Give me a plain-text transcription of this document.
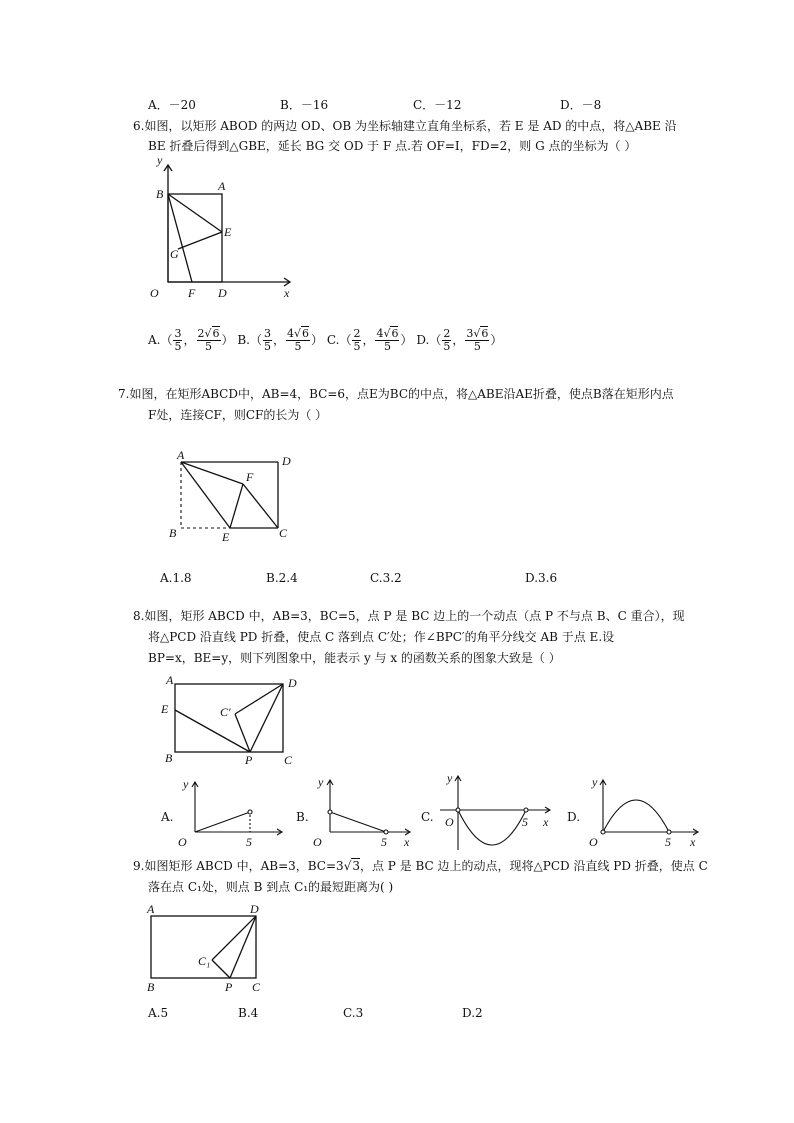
A．－20	B．－16	C．－12	D．－8
6.如图，以矩形 ABOD 的两边 OD、OB 为坐标轴建立直角坐标系，若 E 是 AD 的中点，将△ABE 沿
BE 折叠后得到△GBE，延长 BG 交 OD 于 F 点.若 OF=I，FD=2，则 G 点的坐标为（ ）
y
x
B
A
E
G
O F D
$A.( \frac{3}{5}$ ， $\frac{2√6}{5}$ ） $B.( \frac{3}{5}$ ， $\frac{4√6}{5}$ ） $C.( \frac{2}{5}$ ， $\frac{4√6}{5}$ ） $D.( \frac{2}{5}$ ， $\frac{3√6}{5}$ ）
7.如图，在矩形ABCD中，AB=4，BC=6，点E为BC的中点，将△ABE沿AE折叠，使点B落在矩形内点
F处，连接CF，则CF的长为（ ）
A	D
F
B	E	C
A.1.8	B.2.4	C.3.2	D.3.6
8.如图，矩形 ABCD 中，AB=3，BC=5，点 P 是 BC 边上的一个动点（点 P 不与点 B、C 重合），现
将△PCD 沿直线 PD 折叠，使点 C 落到点 C′处；作∠BPC′的角平分线交 AB 于点 E.设
BP=x，BE=y，则下列图象中，能表示 y 与 x 的函数关系的图象大致是（ ）
A	D
E	C′
B	P	C
A.	B.	C.	D.
y
O	5
y
x
O	5
y
x
O	5
y
x
O	5
9.如图矩形 ABCD 中，AB=3，BC=3√3，点 P 是 BC 边上的动点，现将△PCD 沿直线 PD 折叠，使点 C
落在点 C₁处，则点 B 到点 C₁的最短距离为( )
A	D
C₁
B	P C
A.5	B.4	C.3	D.2
